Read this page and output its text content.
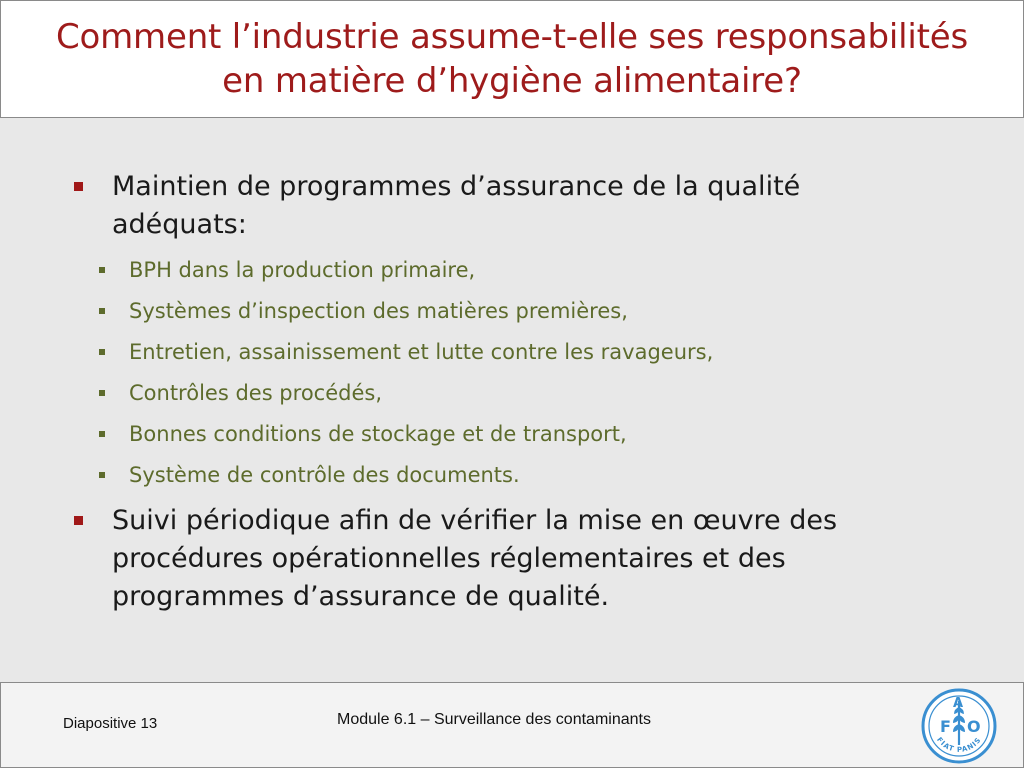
Comment l’industrie assume-t-elle ses responsabilités
en matière d’hygiène alimentaire?
Maintien de programmes d’assurance de la qualité
adéquats:
BPH dans la production primaire,
Systèmes d’inspection des matières premières,
Entretien, assainissement et lutte contre les ravageurs,
Contrôles des procédés,
Bonnes conditions de stockage et de transport,
Système de contrôle des documents.
Suivi périodique afin de vérifier la mise en œuvre des
procédures opérationnelles réglementaires et des
programmes d’assurance de qualité.
Diapositive 13	Module 6.1 – Surveillance des contaminants	F
A
O
FIAT PANIS
